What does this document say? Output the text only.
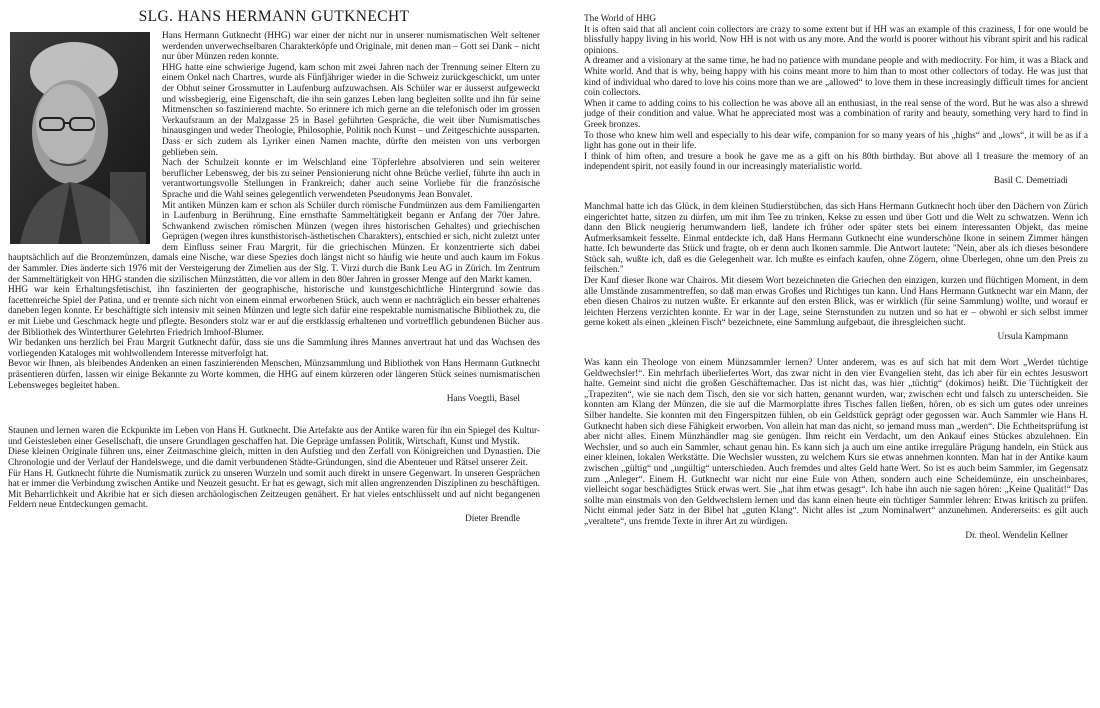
SLG. HANS HERMANN GUTKNECHT

Hans Hermann Gutknecht (HHG) war einer der nicht nur in unserer numismatischen Welt seltener werdenden unverwechselbaren Charakterköpfe und Originale, mit denen man – Gott sei Dank – nicht nur über Münzen reden konnte.

HHG hatte eine schwierige Jugend, kam schon mit zwei Jahren nach der Trennung seiner Eltern zu einem Onkel nach Chartres, wurde als Fünfjähriger wieder in die Schweiz zurückgeschickt, um unter der Obhut seiner Grossmutter in Laufenburg aufzuwachsen. Als Schüler war er äusserst aufgeweckt und wissbegierig, eine Eigenschaft, die ihn sein ganzes Leben lang begleiten sollte und ihn für seine Mitmenschen so faszinierend machte. So erinnere ich mich gerne an die telefonisch oder im grossen Verkaufsraum an der Malzgasse 25 in Basel geführten Gespräche, die weit über Numismatisches hinausgingen und weder Theologie, Philosophie, Politik noch Kunst – und Zeitgeschichte aussparten. Dass er sich zudem als Lyriker einen Namen machte, dürfte den meisten von uns verborgen geblieben sein.

Nach der Schulzeit konnte er im Welschland eine Töpferlehre absolvieren und sein weiterer beruflicher Lebensweg, der bis zu seiner Pensionierung nicht ohne Brüche verlief, führte ihn auch in verantwortungsvolle Stellungen in Frankreich; daher auch seine Vorliebe für die französische Sprache und die Wahl seines gelegentlich verwendeten Pseudonyms Jean Bonvalet.

Mit antiken Münzen kam er schon als Schüler durch römische Fundmünzen aus dem Familiengarten in Laufenburg in Berührung. Eine ernsthafte Sammeltätigkeit begann er Anfang der 70er Jahre. Schwankend zwischen römischen Münzen (wegen ihres historischen Gehaltes) und griechischen Geprägen (wegen ihres kunsthistorisch-ästhetischen Charakters), entschied er sich, nicht zuletzt unter dem Einfluss seiner Frau Margrit, für die griechischen Münzen. Er konzentrierte sich dabei hauptsächlich auf die Bronzemünzen, damals eine Nische, war diese Spezies doch längst nicht so häufig wie heute und auch kaum im Fokus der Sammler. Dies änderte sich 1976 mit der Versteigerung der Zimelien aus der Slg. T. Virzi durch die Bank Leu AG in Zürich. Im Zentrum der Sammeltätigkeit von HHG standen die sizilischen Münzstätten, die vor allem in den 80er Jahren in grosser Menge auf den Markt kamen.

HHG war kein Erhaltungsfetischist, ihn faszinierten der geographische, historische und kunstgeschichtliche Hintergrund sowie das facettenreiche Spiel der Patina, und er trennte sich nicht von einem einmal erworbenen Stück, auch wenn er nachträglich ein besser erhaltenes daneben legen konnte. Er beschäftigte sich intensiv mit seinen Münzen und legte sich dafür eine respektable numismatische Bibliothek zu, die er mit Liebe und Geschmack hegte und pflegte. Besonders stolz war er auf die erstklassig erhaltenen und vortrefflich gebundenen Bücher aus der Bibliothek des Winterthurer Gelehrten Friedrich Imhoof-Blumer.

Wir bedanken uns herzlich bei Frau Margrit Gutknecht dafür, dass sie uns die Sammlung ihres Mannes anvertraut hat und das Wachsen des vorliegenden Kataloges mit wohlwollendem Interesse mitverfolgt hat.

Bevor wir Ihnen, als bleibendes Andenken an einen faszinierenden Menschen, Münzsammlung und Bibliothek von Hans Hermann Gutknecht präsentieren dürfen, lassen wir einige Bekannte zu Worte kommen, die HHG auf einem kürzeren oder längeren Stück seines numismatischen Lebensweges begleitet haben.

Hans Voegtli, Basel

Staunen und lernen waren die Eckpunkte im Leben von Hans H. Gutknecht. Die Artefakte aus der Antike waren für ihn ein Spiegel des Kultur- und Geistesleben einer Gesellschaft, die unsere Grundlagen geschaffen hat. Die Gepräge umfassen Politik, Wirtschaft, Kunst und Mystik.

Diese kleinen Originale führen uns, einer Zeitmaschine gleich, mitten in den Aufstieg und den Zerfall von Königreichen und Dynastien. Die Chronologie und der Verlauf der Handelswege, und die damit verbundenen Städte-Gründungen, sind die Abenteuer und Rätsel unserer Zeit.

Für Hans H. Gutknecht führte die Numismatik zurück zu unseren Wurzeln und somit auch direkt in unsere Gegenwart. In unseren Gesprächen hat er immer die Verbindung zwischen Antike und Neuzeit gesucht. Er hat es gewagt, sich mit allen angrenzenden Disziplinen zu beschäftigen. Mit Beharrlichkeit und Akribie hat er sich diesen archäologischen Zeitzeugen genähert. Er hat vieles entschlüsselt und auf nicht begangenen Feldern neue Entdeckungen gemacht.

Dieter Brendle

The World of HHG

It is often said that all ancient coin collectors are crazy to some extent but if HH was an example of this craziness, I for one would be blissfully happy living in his world. Now HH is not with us any more. And the world is poorer without his vibrant spirit and his radical opinions.

A dreamer and a visionary at the same time, he had no patience with mundane people and with mediocrity. For him, it was a Black and White world. And that is why, being happy with his coins meant more to him than to most other collectors of today. He was just that kind of individual who dared to love his coins more than we are „allowed“ to love them in these increasingly difficult times for ancient coin collectors.

When it came to adding coins to his collection he was above all an enthusiast, in the real sense of the word. But he was also a shrewd judge of their condition and value. What he appreciated most was a combination of rarity and beauty, something very hard to find in Greek bronzes.

To those who knew him well and especially to his dear wife, companion for so many years of his „highs“ and „lows“, it will be as if a light has gone out in their life.

I think of him often, and tresure a book he gave me as a gift on his 80th birthday. But above all I treasure the memory of an independent spirit, not easily found in our increasingly materialistic world.

Basil C. Demetriadi

Manchmal hatte ich das Glück, in dem kleinen Studierstübchen, das sich Hans Hermann Gutknecht hoch über den Dächern von Zürich eingerichtet hatte, sitzen zu dürfen, um mit ihm Tee zu trinken, Kekse zu essen und über Gott und die Welt zu schwatzen. Wenn ich dann den Blick neugierig herumwandern ließ, landete ich früher oder später stets bei einem interessanten Objekt, das meine Aufmerksamkeit fesselte. Einmal entdeckte ich, daß Hans Hermann Gutknecht eine wunderschöne Ikone in seinem Zimmer hängen hatte. Ich bewunderte das Stück und fragte, ob er denn auch Ikonen sammle. Die Antwort lautete: "Nein, aber als ich dieses besondere Stück sah, wußte ich, daß es die Gelegenheit war. Ich mußte es einfach kaufen, ohne Zögern, ohne Überlegen, ohne um den Preis zu feilschen."

Der Kauf dieser Ikone war Chairos. Mit diesem Wort bezeichneten die Griechen den einzigen, kurzen und flüchtigen Moment, in dem alle Umstände zusammentreffen, so daß man etwas Großes und Richtiges tun kann. Und Hans Hermann Gutknecht war ein Mann, der eben diesen Chairos zu nutzen wußte. Er erkannte auf den ersten Blick, was er wirklich (für seine Sammlung) wollte, und worauf er leichten Herzens verzichten konnte. Er war in der Lage, seine Sternstunden zu nutzen und so hat er – obwohl er sich selbst immer gerne kokett als einen „kleinen Fisch“ bezeichnete, eine Sammlung aufgebaut, die ihresgleichen sucht.

Ursula Kampmann

Was kann ein Theologe von einem Münzsammler lernen? Unter anderem, was es auf sich hat mit dem Wort „Werdet tüchtige Geldwechsler!“. Ein mehrfach überliefertes Wort, das zwar nicht in den vier Evangelien steht, das ich aber für ein echtes Jesuswort halte. Gemeint sind nicht die großen Geschäftemacher. Das ist nicht das, was hier „tüchtig“ (dokimos) heißt. Die Tüchtigkeit der „Trapeziten“, wie sie nach dem Tisch, den sie vor sich hatten, genannt wurden, war, zwischen echt und falsch zu unterscheiden. Sie konnten am Klang der Münzen, die sie auf die Marmorplatte ihres Tisches fallen ließen, hören, ob es sich um gutes oder unreines Silber handelte. Sie konnten mit den Fingerspitzen fühlen, ob ein Geldstück geprägt oder gegossen war. Auch Sammler wie Hans H. Gutknecht haben sich diese Fähigkeit erworben. Von allein hat man das nicht, so jemand muss man „werden“. Die Echtheitsprüfung ist aber nicht alles. Einem Münzhändler mag sie genügen. Ihm reicht ein Verdacht, um den Ankauf eines Stückes abzulehnen. Ein Wechsler, und so auch ein Sammler, schaut genau hin. Es kann sich ja auch um eine antike irreguläre Prägung handeln, ein Stück aus einer kleinen, lokalen Werkstätte. Die Wechsler wussten, zu welchem Kurs sie etwas annehmen konnten. Man hat in der Antike kaum zwischen „gültig“ und „ungültig“ unterschieden. Auch fremdes und altes Geld hatte Wert. So ist es auch beim Sammler, im Gegensatz zum „Anleger“. Einem H. Gutknecht war nicht nur eine Eule von Athen, sondern auch eine Scheidemünze, ein unscheinbares, vielleicht sogar beschädigtes Stück etwas wert. Sie „hat ihm etwas gesagt“. Ich habe ihn auch nie sagen hören: „Keine Qualität!“ Das sollte man einstmals von den Geldwechslern lernen und das kann einen heute ein tüchtiger Sammler lehren: Etwas kritisch zu prüfen. Nicht einmal jeder Satz in der Bibel hat „guten Klang“. Nicht alles ist „zum Nominalwert“ anzunehmen. Andererseits: es gilt auch „veraltete“, uns fremde Texte in ihrer Art zu würdigen.

Dr. theol. Wendelin Kellner
